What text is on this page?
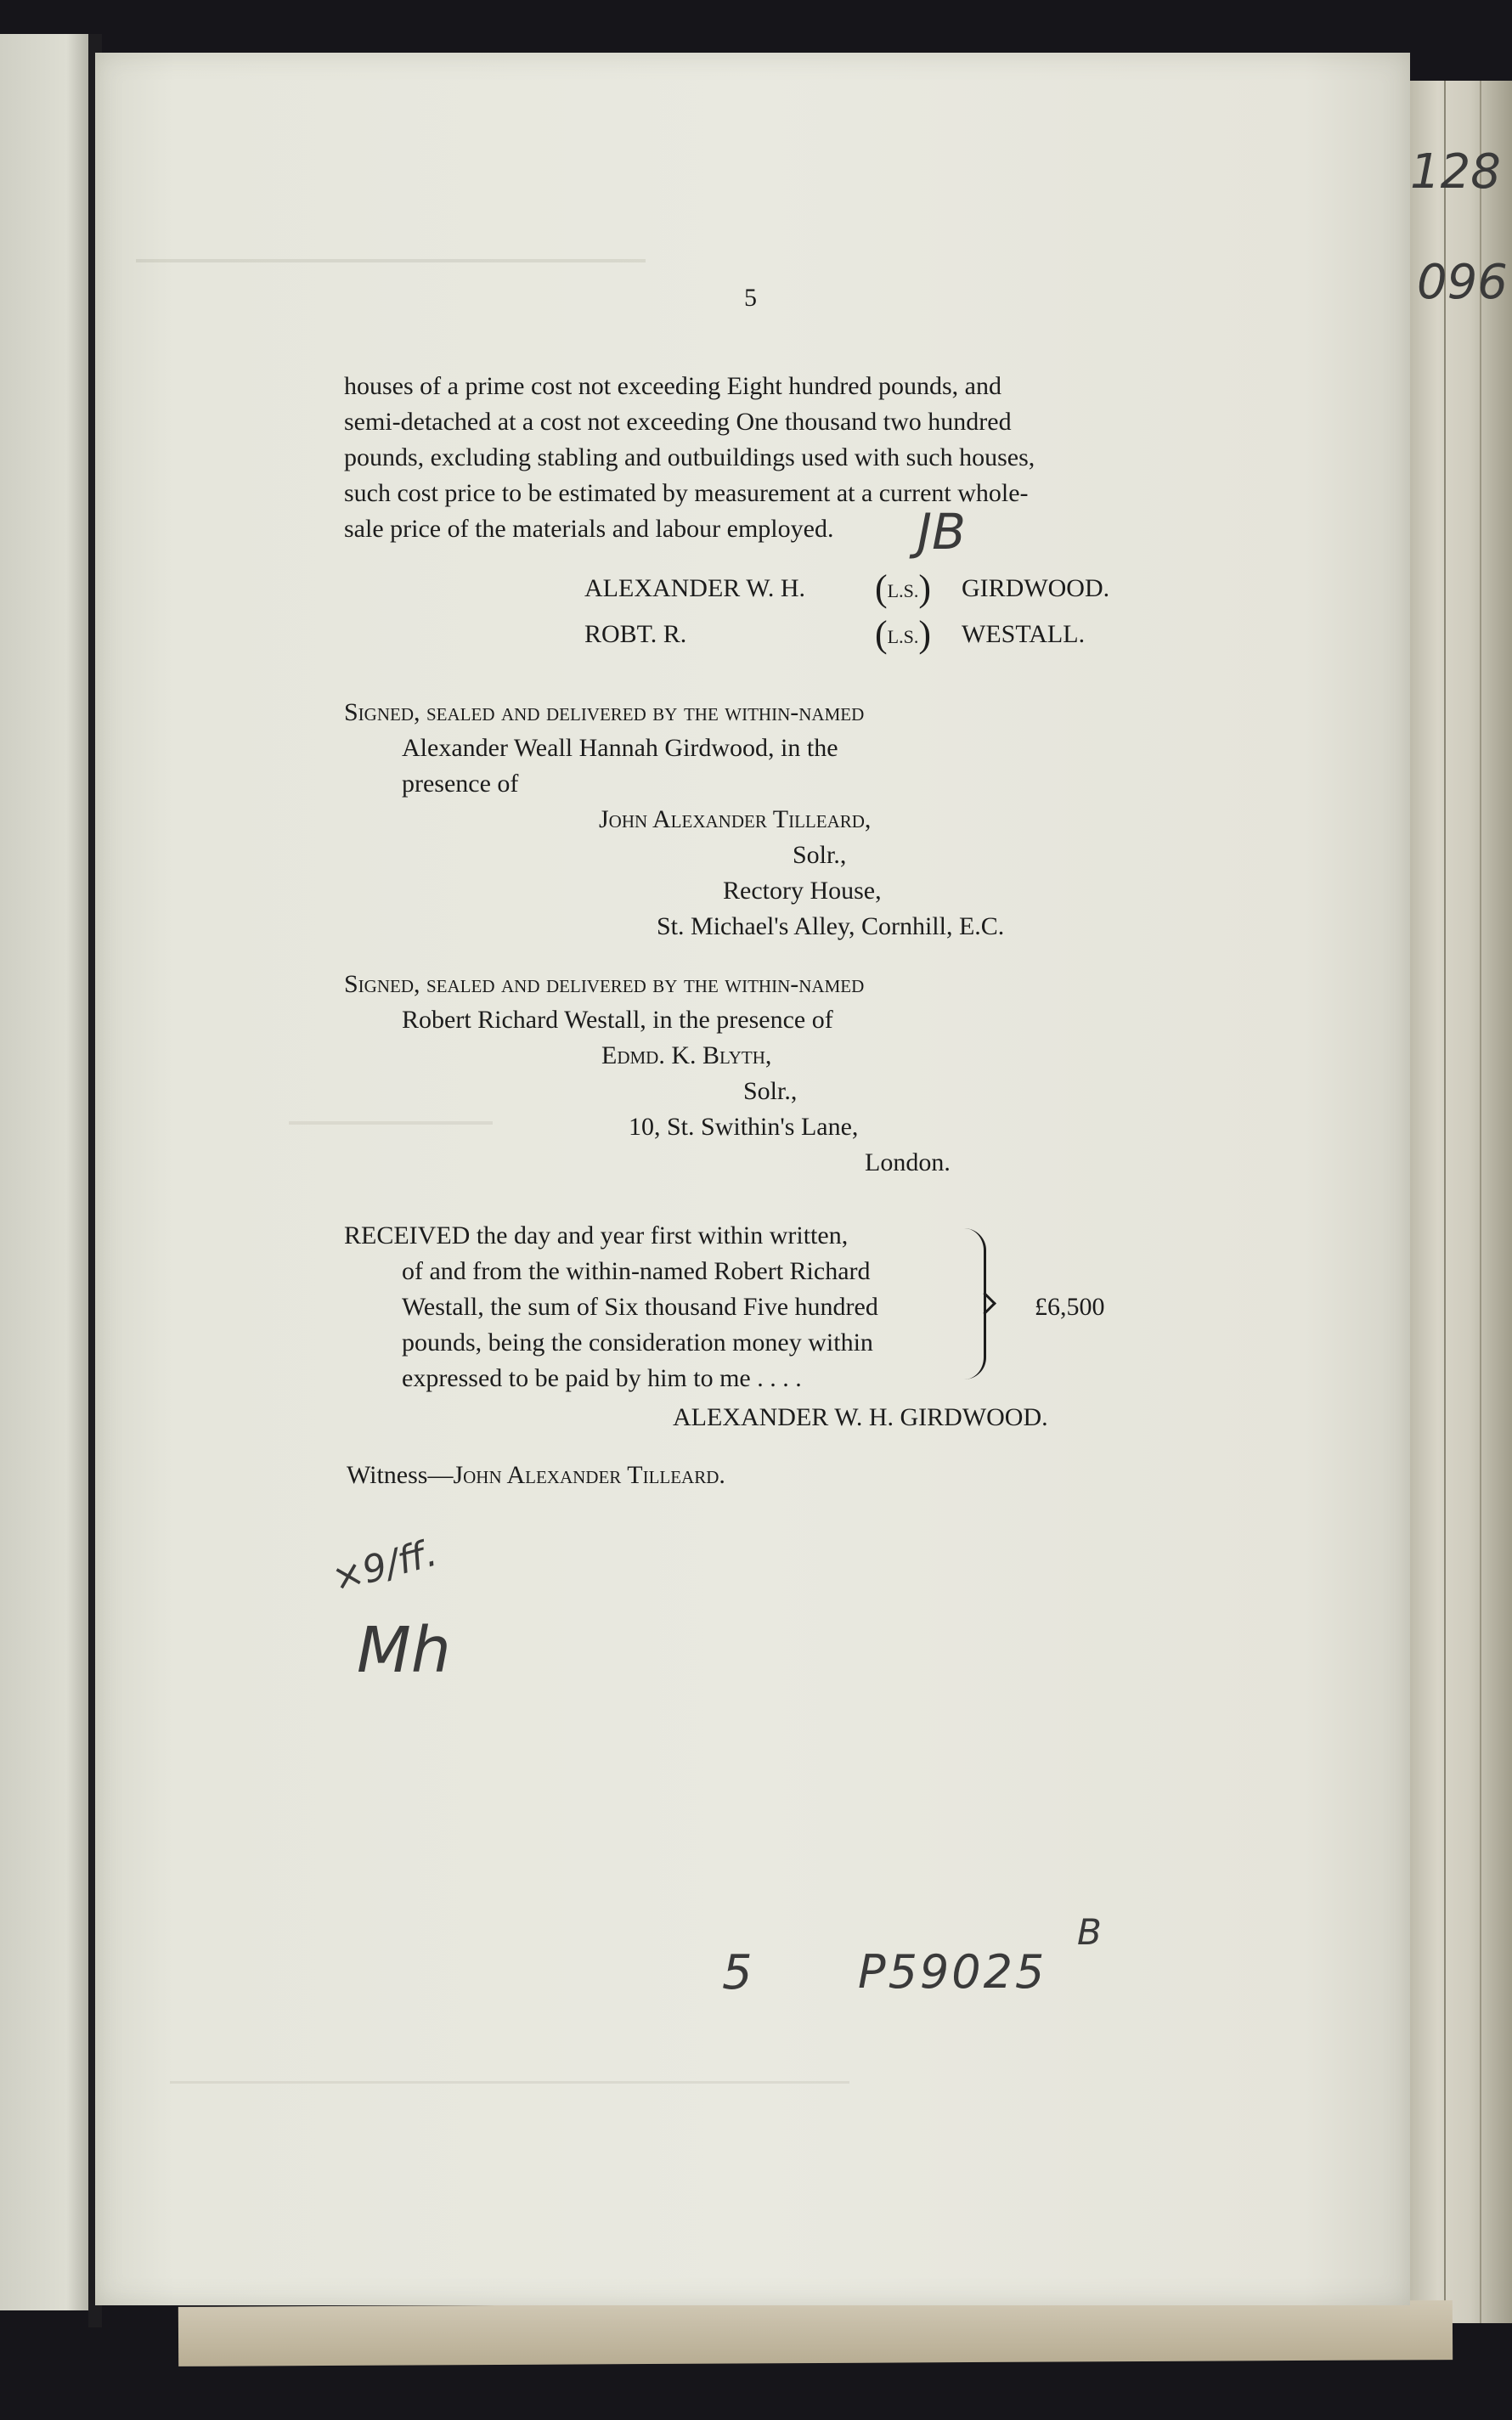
128
096
5
houses of a prime cost not exceeding Eight hundred pounds, and
semi-detached at a cost not exceeding One thousand two hundred
pounds, excluding stabling and outbuildings used with such houses,
such cost price to be estimated by measurement at a current whole-
sale price of the materials and labour employed. JB
ALEXANDER W. H. (L.S.) GIRDWOOD.
ROBT. R.	(L.S.) WESTALL.
Signed, sealed and delivered by the within-named
Alexander Weall Hannah Girdwood, in the
presence of
John Alexander Tilleard,
Solr.,
Rectory House,
St. Michael's Alley, Cornhill, E.C.
Signed, sealed and delivered by the within-named
Robert Richard Westall, in the presence of
Edmd. K. Blyth,
Solr.,
10, St. Swithin's Lane,
London.
RECEIVED the day and year first within written,
of and from the within-named Robert Richard
Westall, the sum of Six thousand Five hundred
pounds, being the consideration money within
expressed to be paid by him to me . . . .
£6,500
ALEXANDER W. H. GIRDWOOD.
Witness—John Alexander Tilleard.
×9/ff.
Mh
5 P59025
B
